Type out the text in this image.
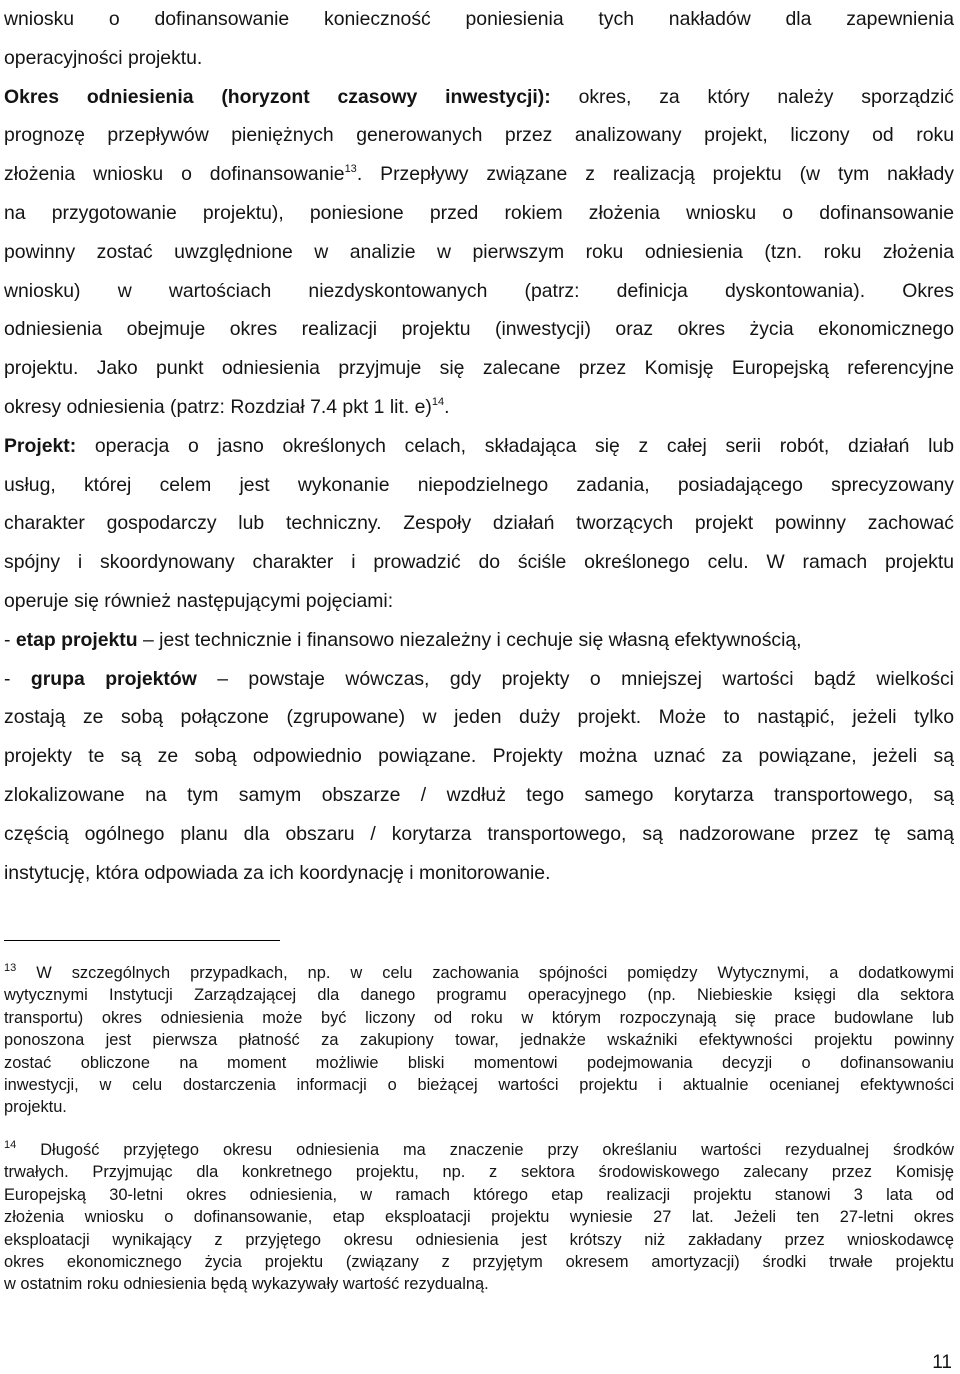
wniosku o dofinansowanie konieczność poniesienia tych nakładów dla zapewnienia
operacyjności projektu.

Okres odniesienia (horyzont czasowy inwestycji): okres, za który należy sporządzić
prognozę przepływów pieniężnych generowanych przez analizowany projekt, liczony od roku
złożenia wniosku o dofinansowanie$^{13}$. Przepływy związane z realizacją projektu (w tym nakłady
na przygotowanie projektu), poniesione przed rokiem złożenia wniosku o dofinansowanie
powinny zostać uwzględnione w analizie w pierwszym roku odniesienia (tzn. roku złożenia
wniosku) w wartościach niezdyskontowanych (patrz: definicja dyskontowania). Okres
odniesienia obejmuje okres realizacji projektu (inwestycji) oraz okres życia ekonomicznego
projektu. Jako punkt odniesienia przyjmuje się zalecane przez Komisję Europejską referencyjne
okresy odniesienia (patrz: Rozdział 7.4 pkt 1 lit. e)$^{14}$.

Projekt: operacja o jasno określonych celach, składająca się z całej serii robót, działań lub
usług, której celem jest wykonanie niepodzielnego zadania, posiadającego sprecyzowany
charakter gospodarczy lub techniczny. Zespoły działań tworzących projekt powinny zachować
spójny i skoordynowany charakter i prowadzić do ściśle określonego celu. W ramach projektu
operuje się również następującymi pojęciami:

- etap projektu – jest technicznie i finansowo niezależny i cechuje się własną efektywnością,

- grupa projektów – powstaje wówczas, gdy projekty o mniejszej wartości bądź wielkości
zostają ze sobą połączone (zgrupowane) w jeden duży projekt. Może to nastąpić, jeżeli tylko
projekty te są ze sobą odpowiednio powiązane. Projekty można uznać za powiązane, jeżeli są
zlokalizowane na tym samym obszarze / wzdłuż tego samego korytarza transportowego, są
częścią ogólnego planu dla obszaru / korytarza transportowego, są nadzorowane przez tę samą
instytucję, która odpowiada za ich koordynację i monitorowanie.

$^{13}$ W szczególnych przypadkach, np. w celu zachowania spójności pomiędzy Wytycznymi, a dodatkowymi
wytycznymi Instytucji Zarządzającej dla danego programu operacyjnego (np. Niebieskie księgi dla sektora
transportu) okres odniesienia może być liczony od roku w którym rozpoczynają się prace budowlane lub
ponoszona jest pierwsza płatność za zakupiony towar, jednakże wskaźniki efektywności projektu powinny
zostać obliczone na moment możliwie bliski momentowi podejmowania decyzji o dofinansowaniu
inwestycji, w celu dostarczenia informacji o bieżącej wartości projektu i aktualnie ocenianej efektywności
projektu.
$^{14}$ Długość przyjętego okresu odniesienia ma znaczenie przy określaniu wartości rezydualnej środków
trwałych. Przyjmując dla konkretnego projektu, np. z sektora środowiskowego zalecany przez Komisję
Europejską 30-letni okres odniesienia, w ramach którego etap realizacji projektu stanowi 3 lata od
złożenia wniosku o dofinansowanie, etap eksploatacji projektu wyniesie 27 lat. Jeżeli ten 27-letni okres
eksploatacji wynikający z przyjętego okresu odniesienia jest krótszy niż zakładany przez wnioskodawcę
okres ekonomicznego życia projektu (związany z przyjętym okresem amortyzacji) środki trwałe projektu
w ostatnim roku odniesienia będą wykazywały wartość rezydualną.
11
